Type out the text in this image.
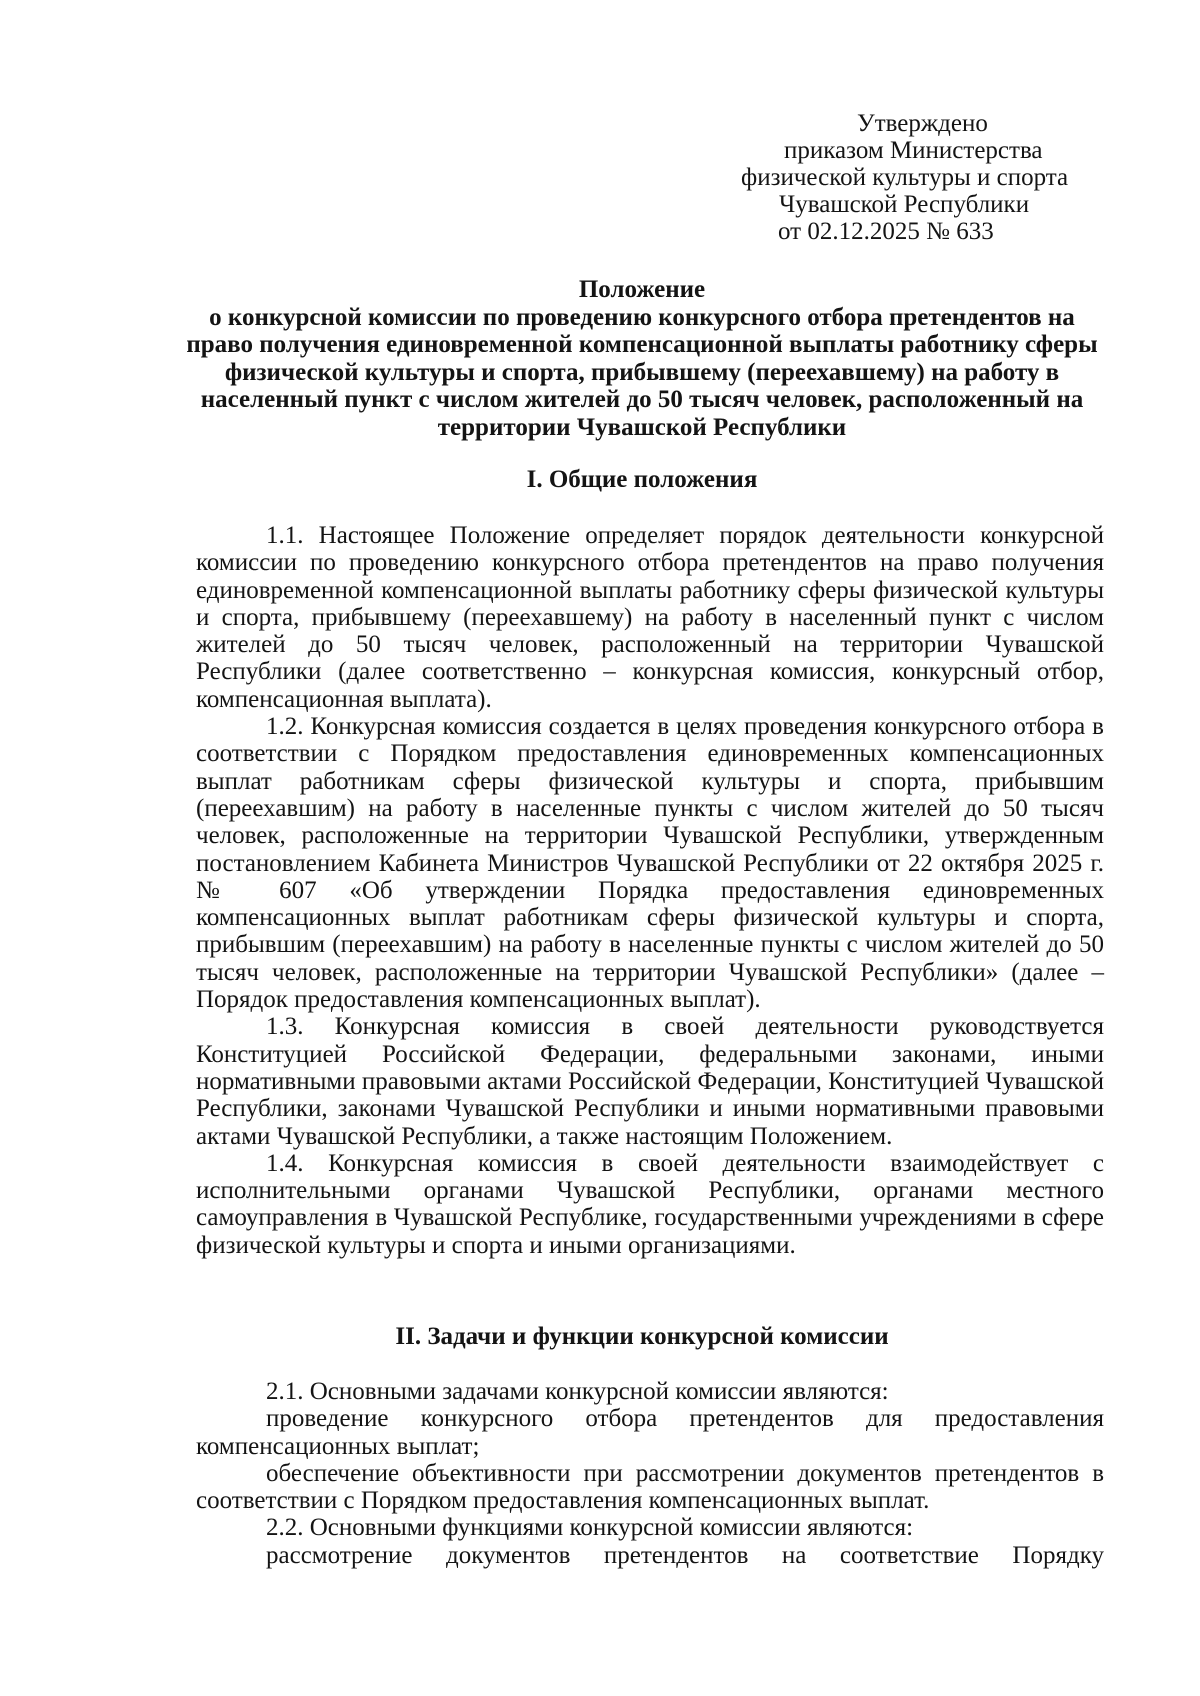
Утверждено
приказом Министерства
физической культуры и спорта
Чувашской Республики
от 02.12.2025 № 633
Положение
о конкурсной комиссии по проведению конкурсного отбора претендентов на право получения единовременной компенсационной выплаты работнику сферы физической культуры и спорта, прибывшему (переехавшему) на работу в населенный пункт с числом жителей до 50 тысяч человек, расположенный на территории Чувашской Республики
I. Общие положения

1.1. Настоящее Положение определяет порядок деятельности конкурсной комиссии по проведению конкурсного отбора претендентов на право получения единовременной компенсационной выплаты работнику сферы физической культуры и спорта, прибывшему (переехавшему) на работу в населенный пункт с числом жителей до 50 тысяч человек, расположенный на территории Чувашской Республики (далее соответственно – конкурсная комиссия, конкурсный отбор, компенсационная выплата).

1.2. Конкурсная комиссия создается в целях проведения конкурсного отбора в соответствии с Порядком предоставления единовременных компенсационных выплат работникам сферы физической культуры и спорта, прибывшим (переехавшим) на работу в населенные пункты с числом жителей до 50 тысяч человек, расположенные на территории Чувашской Республики, утвержденным постановлением Кабинета Министров Чувашской Республики от 22 октября 2025 г. № 607 «Об утверждении Порядка предоставления единовременных компенсационных выплат работникам сферы физической культуры и спорта, прибывшим (переехавшим) на работу в населенные пункты с числом жителей до 50 тысяч человек, расположенные на территории Чувашской Республики» (далее – Порядок предоставления компенсационных выплат).

1.3. Конкурсная комиссия в своей деятельности руководствуется Конституцией Российской Федерации, федеральными законами, иными нормативными правовыми актами Российской Федерации, Конституцией Чувашской Республики, законами Чувашской Республики и иными нормативными правовыми актами Чувашской Республики, а также настоящим Положением.

1.4. Конкурсная комиссия в своей деятельности взаимодействует с исполнительными органами Чувашской Республики, органами местного самоуправления в Чувашской Республике, государственными учреждениями в сфере физической культуры и спорта и иными организациями.

II. Задачи и функции конкурсной комиссии

2.1. Основными задачами конкурсной комиссии являются:

проведение конкурсного отбора претендентов для предоставления компенсационных выплат;

обеспечение объективности при рассмотрении документов претендентов в соответствии с Порядком предоставления компенсационных выплат.

2.2. Основными функциями конкурсной комиссии являются:

рассмотрение документов претендентов на соответствие Порядку
